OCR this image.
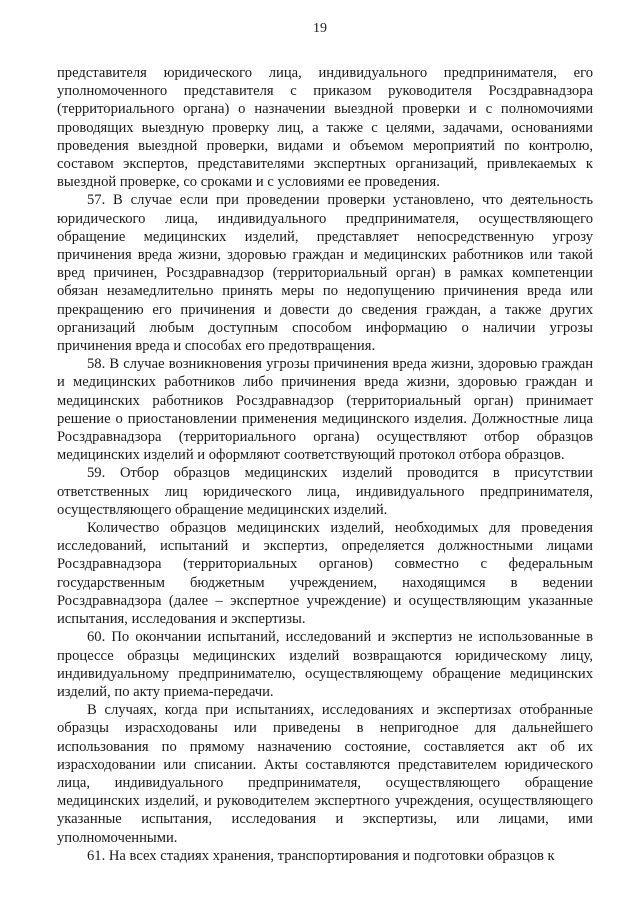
19

представителя юридического лица, индивидуального предпринимателя, его уполномоченного представителя с приказом руководителя Росздравнадзора (территориального органа) о назначении выездной проверки и с полномочиями проводящих выездную проверку лиц, а также с целями, задачами, основаниями проведения выездной проверки, видами и объемом мероприятий по контролю, составом экспертов, представителями экспертных организаций, привлекаемых к выездной проверке, со сроками и с условиями ее проведения.

57. В случае если при проведении проверки установлено, что деятельность юридического лица, индивидуального предпринимателя, осуществляющего обращение медицинских изделий, представляет непосредственную угрозу причинения вреда жизни, здоровью граждан и медицинских работников или такой вред причинен, Росздравнадзор (территориальный орган) в рамках компетенции обязан незамедлительно принять меры по недопущению причинения вреда или прекращению его причинения и довести до сведения граждан, а также других организаций любым доступным способом информацию о наличии угрозы причинения вреда и способах его предотвращения.

58. В случае возникновения угрозы причинения вреда жизни, здоровью граждан и медицинских работников либо причинения вреда жизни, здоровью граждан и медицинских работников Росздравнадзор (территориальный орган) принимает решение о приостановлении применения медицинского изделия. Должностные лица Росздравнадзора (территориального органа) осуществляют отбор образцов медицинских изделий и оформляют соответствующий протокол отбора образцов.

59. Отбор образцов медицинских изделий проводится в присутствии ответственных лиц юридического лица, индивидуального предпринимателя, осуществляющего обращение медицинских изделий.

Количество образцов медицинских изделий, необходимых для проведения исследований, испытаний и экспертиз, определяется должностными лицами Росздравнадзора (территориальных органов) совместно с федеральным государственным бюджетным учреждением, находящимся в ведении Росздравнадзора (далее – экспертное учреждение) и осуществляющим указанные испытания, исследования и экспертизы.

60. По окончании испытаний, исследований и экспертиз не использованные в процессе образцы медицинских изделий возвращаются юридическому лицу, индивидуальному предпринимателю, осуществляющему обращение медицинских изделий, по акту приема-передачи.

В случаях, когда при испытаниях, исследованиях и экспертизах отобранные образцы израсходованы или приведены в непригодное для дальнейшего использования по прямому назначению состояние, составляется акт об их израсходовании или списании. Акты составляются представителем юридического лица, индивидуального предпринимателя, осуществляющего обращение медицинских изделий, и руководителем экспертного учреждения, осуществляющего указанные испытания, исследования и экспертизы, или лицами, ими уполномоченными.

61. На всех стадиях хранения, транспортирования и подготовки образцов к
